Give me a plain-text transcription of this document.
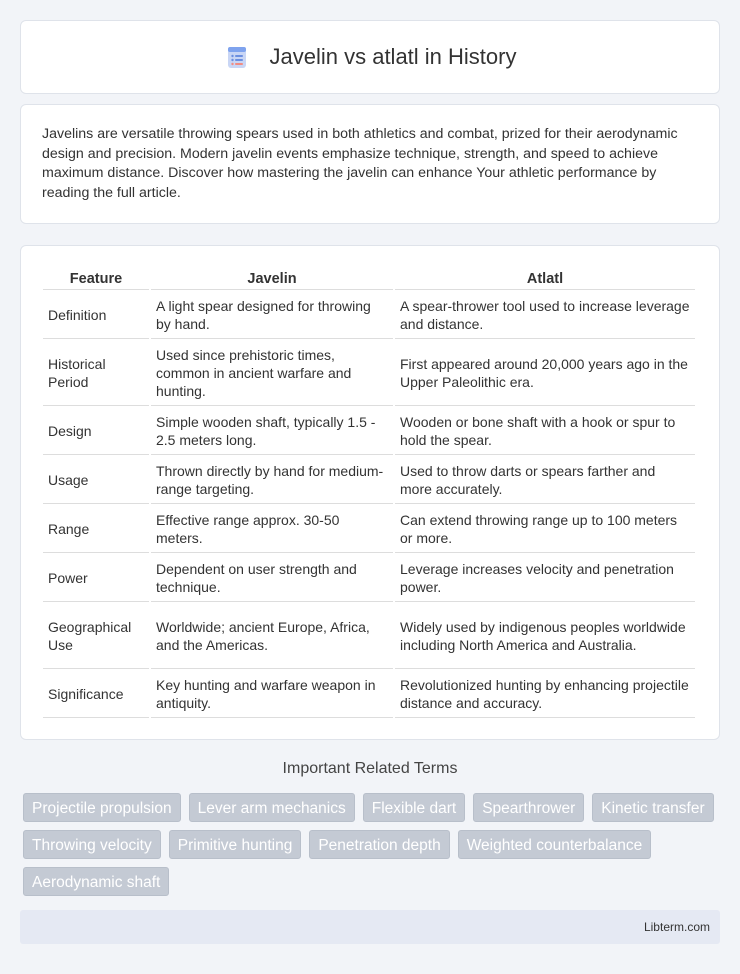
Javelin vs atlatl in History

Javelins are versatile throwing spears used in both athletics and combat, prized for their aerodynamic design and precision. Modern javelin events emphasize technique, strength, and speed to achieve maximum distance. Discover how mastering the javelin can enhance Your athletic performance by reading the full article.

Feature	Javelin	Atlatl
Definition	A light spear designed for throwing by hand.	A spear-thrower tool used to increase leverage and distance.
Historical Period	Used since prehistoric times, common in ancient warfare and hunting.	First appeared around 20,000 years ago in the Upper Paleolithic era.
Design	Simple wooden shaft, typically 1.5 - 2.5 meters long.	Wooden or bone shaft with a hook or spur to hold the spear.
Usage	Thrown directly by hand for medium-range targeting.	Used to throw darts or spears farther and more accurately.
Range	Effective range approx. 30-50 meters.	Can extend throwing range up to 100 meters or more.
Power	Dependent on user strength and technique.	Leverage increases velocity and penetration power.
Geographical Use	Worldwide; ancient Europe, Africa, and the Americas.	Widely used by indigenous peoples worldwide including North America and Australia.
Significance	Key hunting and warfare weapon in antiquity.	Revolutionized hunting by enhancing projectile distance and accuracy.
Important Related Terms
Projectile propulsion	Lever arm mechanics	Flexible dart	Spearthrower	Kinetic transfer
Throwing velocity	Primitive hunting	Penetration depth	Weighted counterbalance
Aerodynamic shaft
Libterm.com
